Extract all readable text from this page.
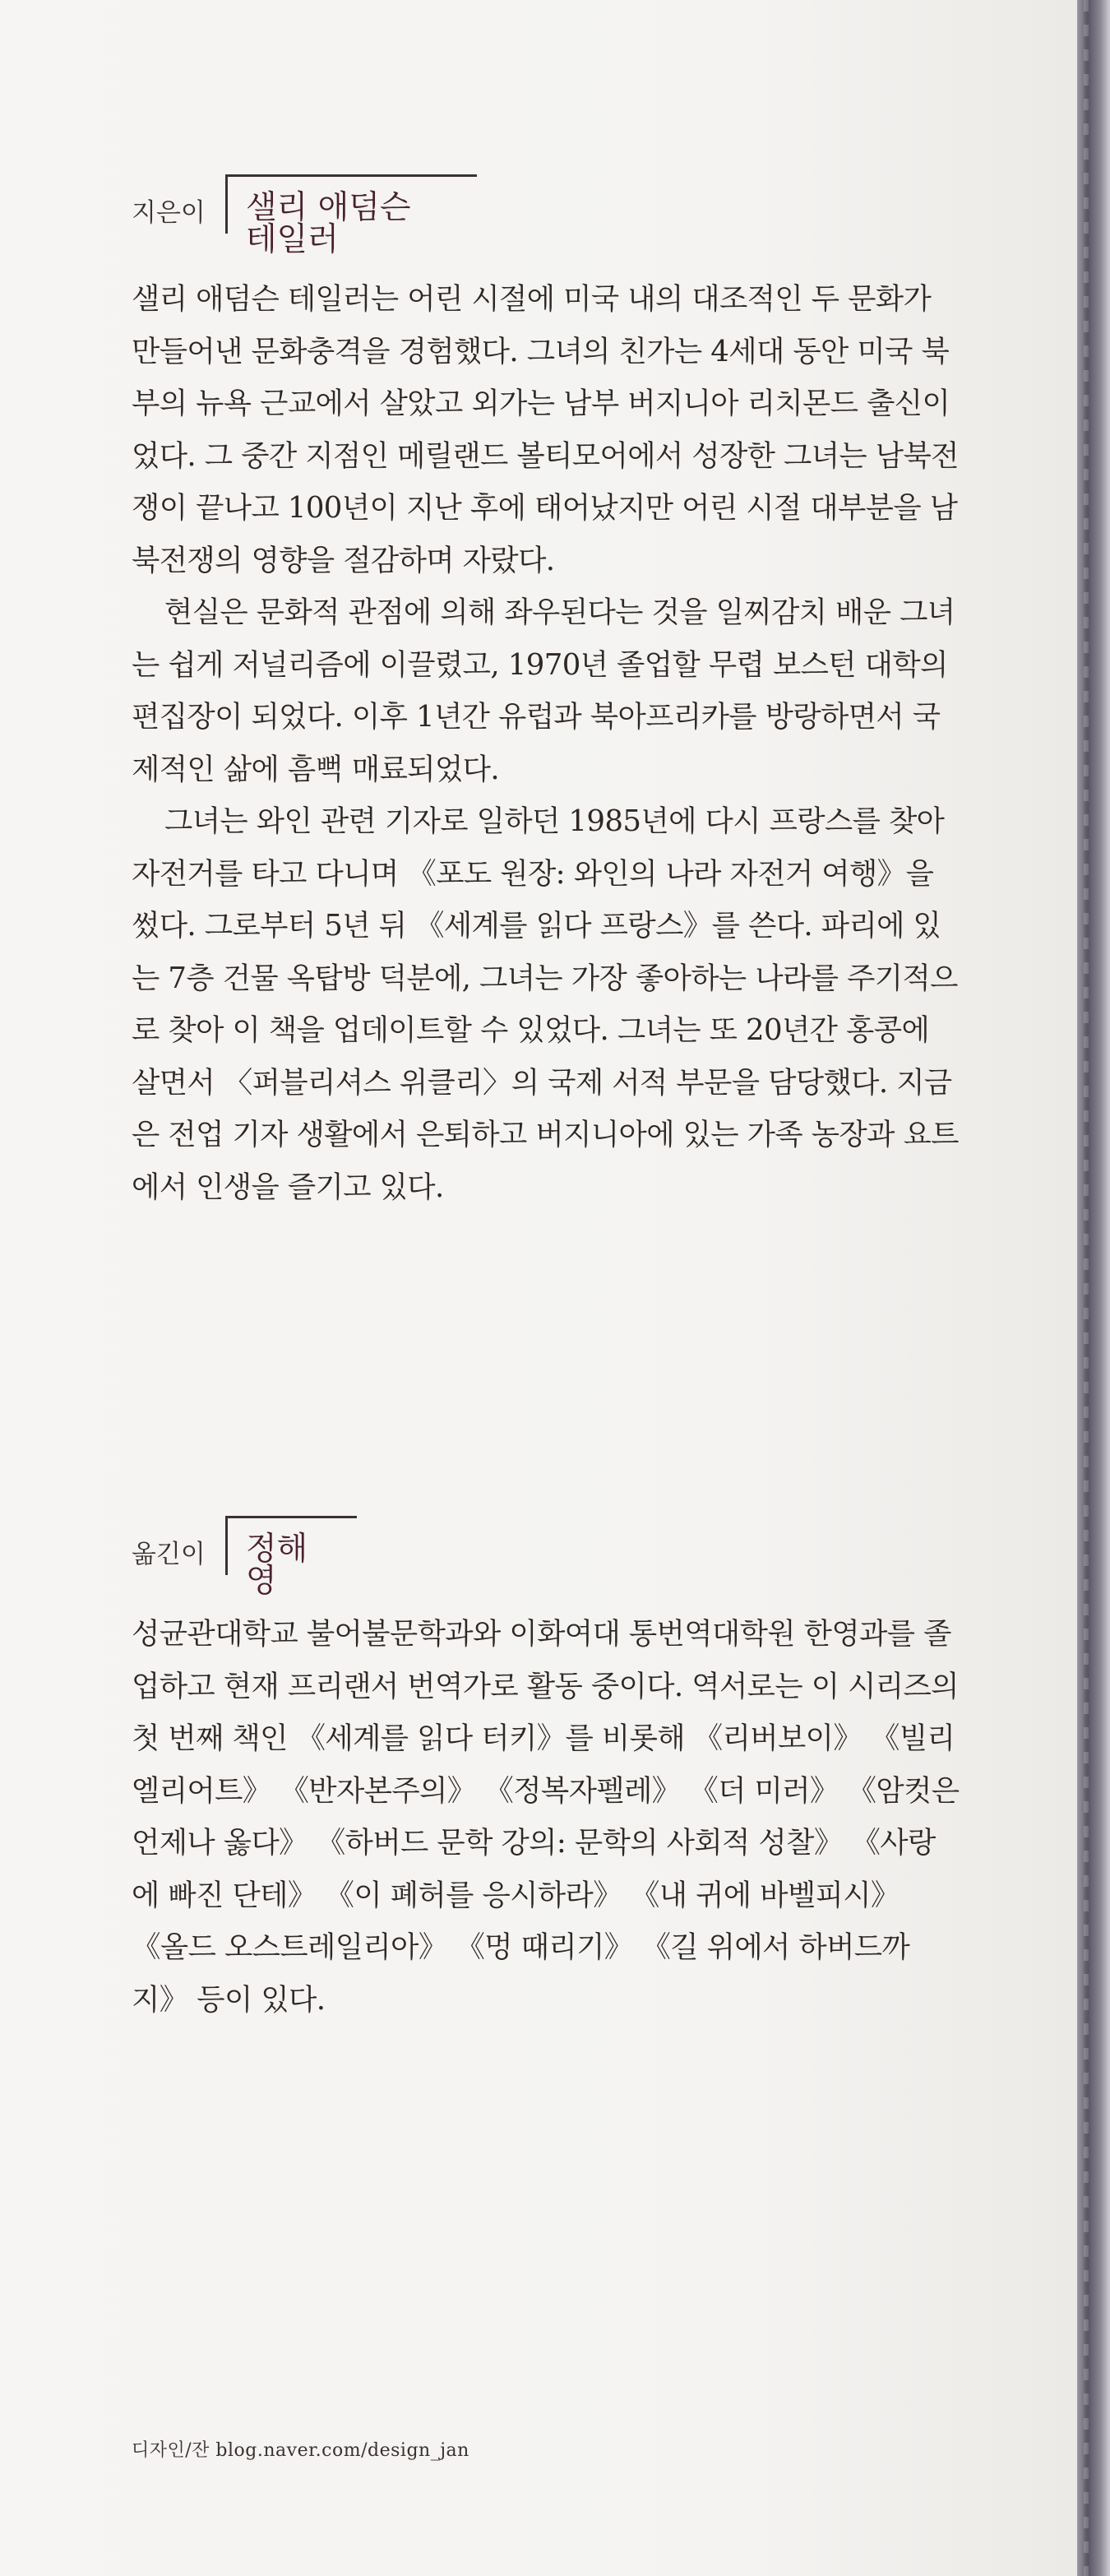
지은이	샐리 애덤슨 테일러

샐리 애덤슨 테일러는 어린 시절에 미국 내의 대조적인 두 문화가 만들어낸 문화충격을 경험했다. 그녀의 친가는 4세대 동안 미국 북부의 뉴욕 근교에서 살았고 외가는 남부 버지니아 리치몬드 출신이었다. 그 중간 지점인 메릴랜드 볼티모어에서 성장한 그녀는 남북전쟁이 끝나고 100년이 지난 후에 태어났지만 어린 시절 대부분을 남북전쟁의 영향을 절감하며 자랐다.

현실은 문화적 관점에 의해 좌우된다는 것을 일찌감치 배운 그녀는 쉽게 저널리즘에 이끌렸고, 1970년 졸업할 무렵 보스턴 대학의 편집장이 되었다. 이후 1년간 유럽과 북아프리카를 방랑하면서 국제적인 삶에 흠뻑 매료되었다.

그녀는 와인 관련 기자로 일하던 1985년에 다시 프랑스를 찾아 자전거를 타고 다니며 《포도 원장: 와인의 나라 자전거 여행》을 썼다. 그로부터 5년 뒤 《세계를 읽다 프랑스》를 쓴다. 파리에 있는 7층 건물 옥탑방 덕분에, 그녀는 가장 좋아하는 나라를 주기적으로 찾아 이 책을 업데이트할 수 있었다. 그녀는 또 20년간 홍콩에 살면서 〈퍼블리셔스 위클리〉의 국제 서적 부문을 담당했다. 지금은 전업 기자 생활에서 은퇴하고 버지니아에 있는 가족 농장과 요트에서 인생을 즐기고 있다.

옮긴이	정해영

성균관대학교 불어불문학과와 이화여대 통번역대학원 한영과를 졸업하고 현재 프리랜서 번역가로 활동 중이다. 역서로는 이 시리즈의 첫 번째 책인 《세계를 읽다 터키》를 비롯해 《리버보이》 《빌리 엘리어트》 《반자본주의》 《정복자펠레》 《더 미러》 《암컷은 언제나 옳다》 《하버드 문학 강의: 문학의 사회적 성찰》 《사랑에 빠진 단테》 《이 폐허를 응시하라》 《내 귀에 바벨피시》 《올드 오스트레일리아》 《멍 때리기》 《길 위에서 하버드까지》 등이 있다.

디자인/잔 blog.naver.com/design_jan
